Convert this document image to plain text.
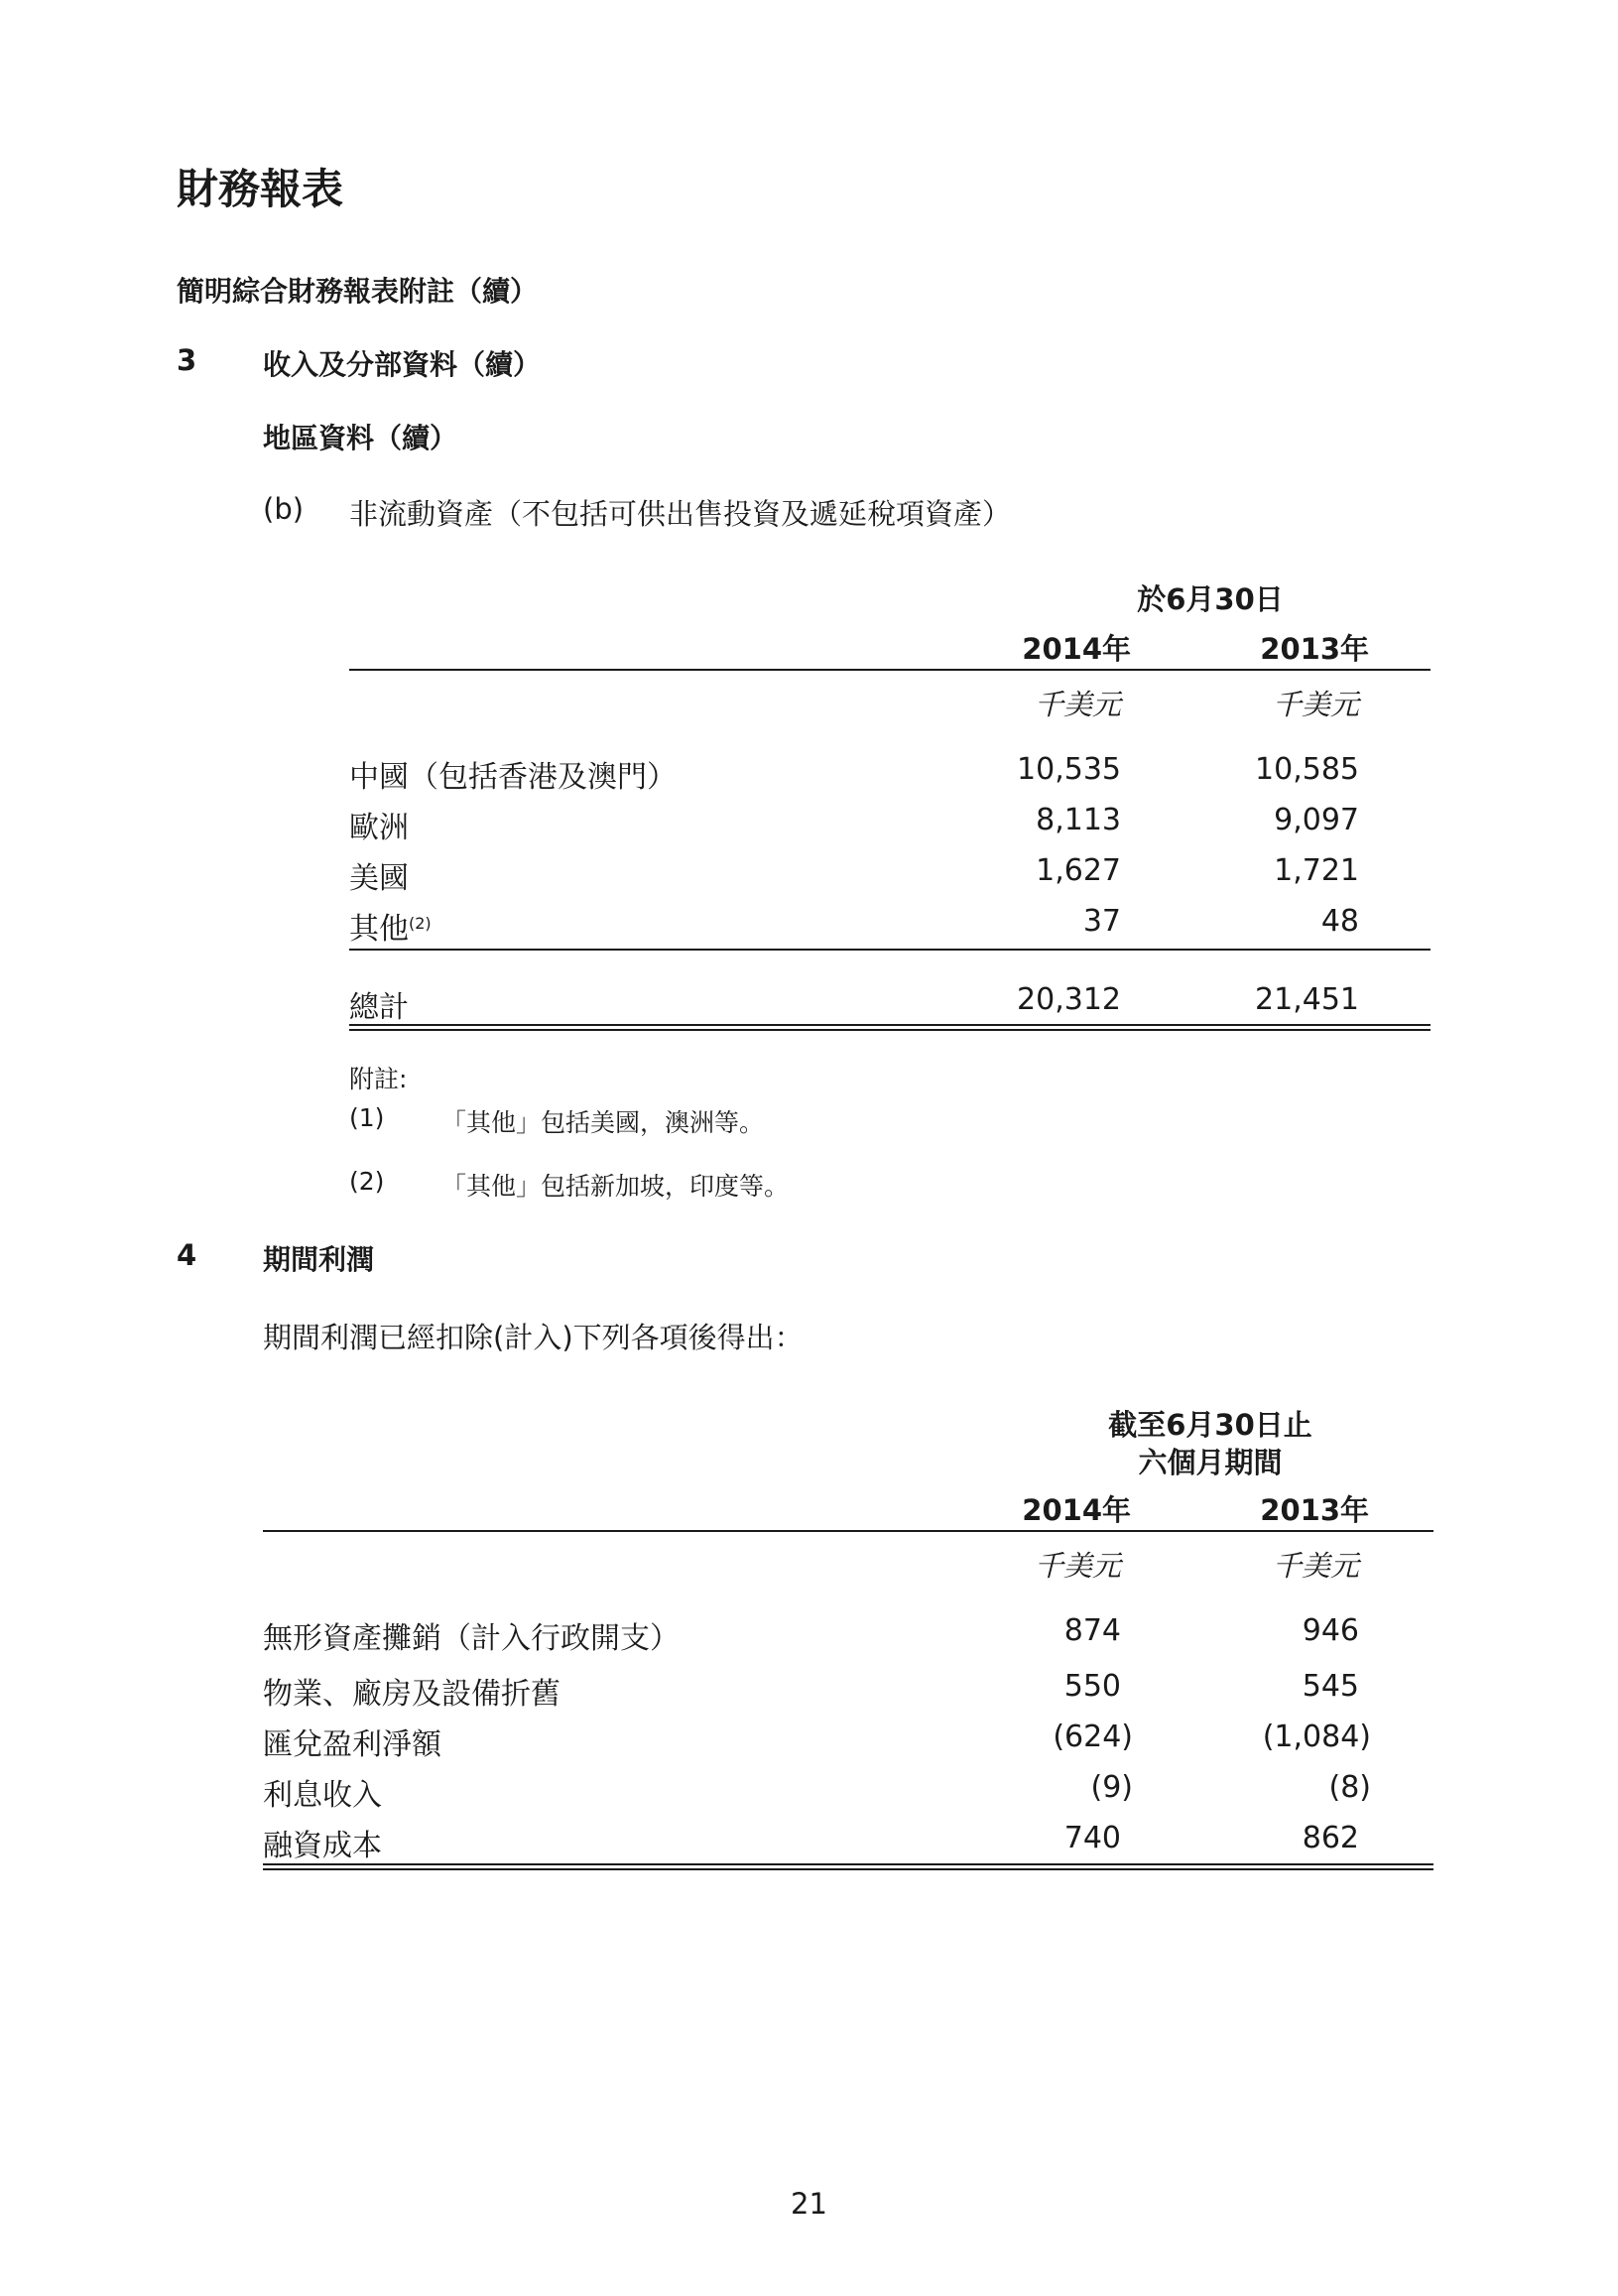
財務報表
簡明綜合財務報表附註（續）
3 收入及分部資料（續）
地區資料（續）
(b) 非流動資產（不包括可供出售投資及遞延稅項資產）
於6月30日
2014年	2013年
千美元	千美元
中國（包括香港及澳門）	10,535	10,585
歐洲	8,113	9,097
美國	1,627	1,721
其他$^{(2)}$	37	48
總計	20,312	21,451
附註:
(1) 「其他」包括美國，澳洲等。
(2) 「其他」包括新加坡，印度等。
4 期間利潤
期間利潤已經扣除(計入)下列各項後得出：
截至6月30日止
六個月期間
2014年	2013年
千美元	千美元
無形資產攤銷（計入行政開支）	874	946
物業、廠房及設備折舊	550	545
匯兌盈利淨額	(624)	(1,084)
利息收入	(9)	(8)
融資成本	740	862
21
